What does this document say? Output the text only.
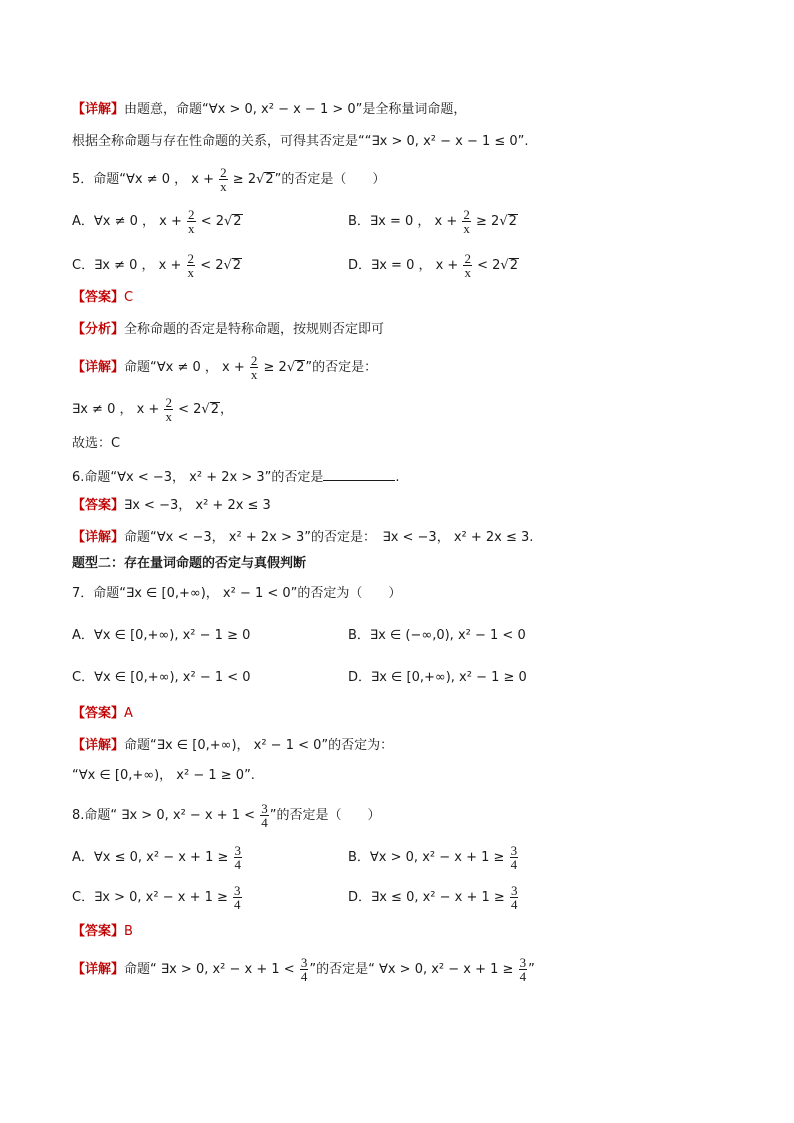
【详解】由题意，命题“∀x > 0, x² − x − 1 > 0”是全称量词命题，
根据全称命题与存在性命题的关系，可得其否定是““∃x > 0, x² − x − 1 ≤ 0”.
5．命题“∀x ≠ 0 ， $x + \frac{2}{x} \ge 2√2$”的否定是（　　）
A．∀x ≠ 0 ， $x + \frac{2}{x} < 2√2$	B．∃x = 0 ， $x + \frac{2}{x} \ge 2√2$
C．∃x ≠ 0 ， $x + \frac{2}{x} < 2√2$	D．∃x = 0 ， $x + \frac{2}{x} < 2√2$
【答案】C
【分析】全称命题的否定是特称命题，按规则否定即可
【详解】命题“∀x ≠ 0 ， $x + \frac{2}{x} \ge 2√2$”的否定是：
∃x ≠ 0 ， $x + \frac{2}{x} < 2√2$，
故选：C
6.命题“∀x < −3， x² + 2x > 3”的否定是	.
【答案】∃x < −3， x² + 2x ≤ 3
【详解】命题“∀x < −3， x² + 2x > 3”的否定是：　∃x < −3， x² + 2x ≤ 3.
题型二：存在量词命题的否定与真假判断
7．命题“∃x ∈ [0,+∞)， x² − 1 < 0”的否定为（　　）
A．∀x ∈ [0,+∞), x² − 1 ≥ 0	B．∃x ∈ (−∞,0), x² − 1 < 0
C．∀x ∈ [0,+∞), x² − 1 < 0	D．∃x ∈ [0,+∞), x² − 1 ≥ 0
【答案】A
【详解】命题“∃x ∈ [0,+∞)， x² − 1 < 0”的否定为：
“∀x ∈ [0,+∞)， x² − 1 ≥ 0”.
8.命题“ ∃x > 0, $x^2 - x + 1 < \frac{3}{4}$ ”的否定是（　　）
A．∀x ≤ 0, $x^2 - x + 1 \ge \frac{3}{4}$	B．∀x > 0, $x^2 - x + 1 \ge \frac{3}{4}$
C．∃x > 0, $x^2 - x + 1 \ge \frac{3}{4}$	D．∃x ≤ 0, $x^2 - x + 1 \ge \frac{3}{4}$
【答案】B
【详解】命题“ ∃x > 0, $x^2 - x + 1 < \frac{3}{4}$ ”的否定是“ ∀x > 0, $x^2 - x + 1 \ge \frac{3}{4}$ ”
